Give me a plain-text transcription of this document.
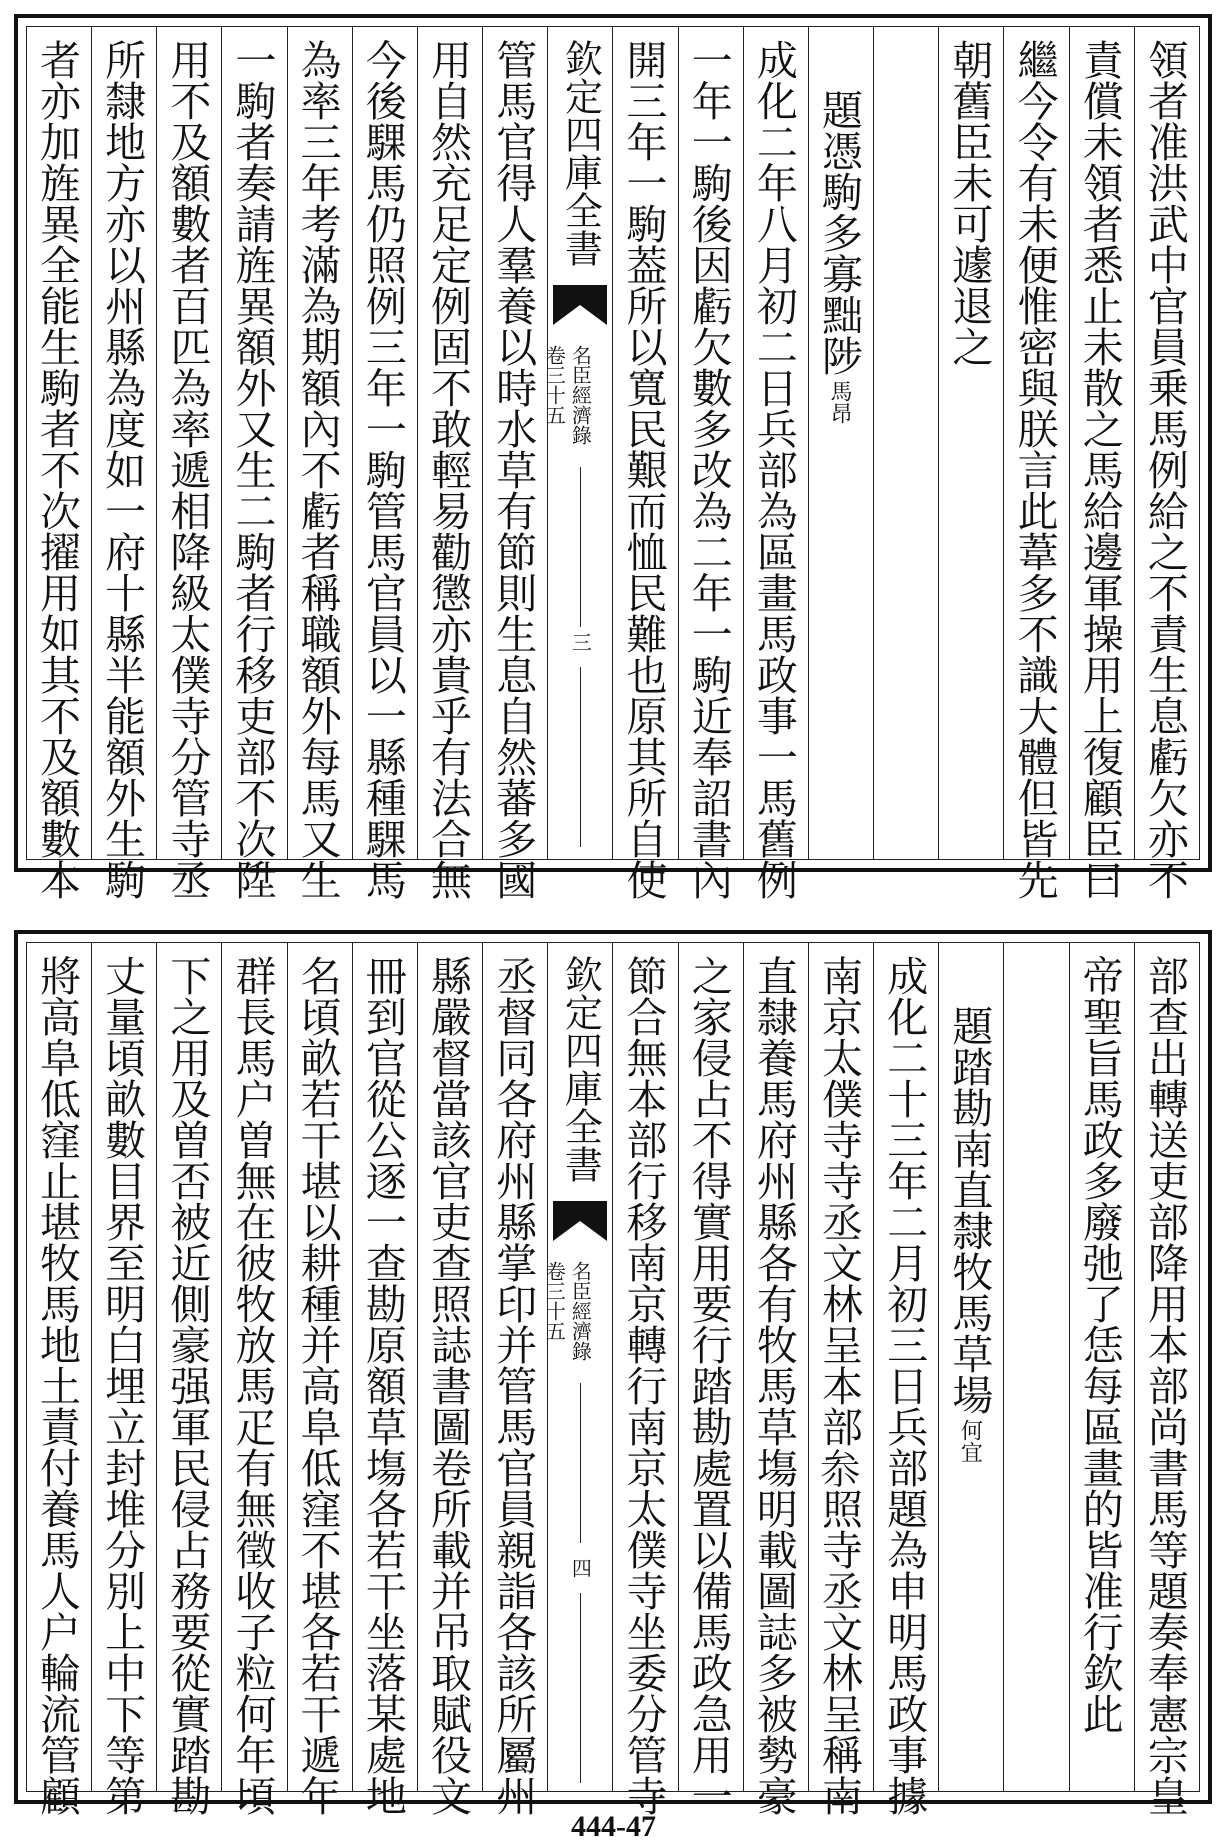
領者准洪武中官員乗馬例給之不責生息虧欠亦不
責償未領者悉止未散之馬給邊軍操用上復顧臣曰
繼今令有未便惟密與朕言此葦多不識大體但皆先
朝舊臣未可遽退之
題憑駒多寡黜陟馬昂
成化二年八月初二日兵部為區畫馬政事一馬舊例
一年一駒後因虧欠數多改為二年一駒近奉詔書內
開三年一駒葢所以寬民艱而恤民難也原其所自使
欽定四庫全書
名臣經濟錄
卷三十五
三
管馬官得人羣養以時水草有節則生息自然蕃多國
用自然充足定例固不敢輕易勸懲亦貴乎有法合無
今後騍馬仍照例三年一駒管馬官員以一縣種騍馬
為率三年考滿為期額內不虧者稱職額外每馬又生
一駒者奏請旌異額外又生二駒者行移吏部不次陞
用不及額數者百匹為率遞相降級太僕寺分管寺丞
所隸地方亦以州縣為度如一府十縣半能額外生駒
者亦加旌異全能生駒者不次擢用如其不及額數本
部查出轉送吏部降用本部尚書馬等題奏奉憲宗皇
帝聖旨馬政多廢弛了恁每區畫的皆准行欽此
題踏勘南直隸牧馬草場何宜
成化二十三年二月初三日兵部題為申明馬政事據
南京太僕寺寺丞文林呈本部𠫭照寺丞文林呈稱南
直隸養馬府州縣各有牧馬草塲明載圖誌多被勢豪
之家侵占不得實用要行踏勘處置以備馬政急用一
節合無本部行移南京轉行南京太僕寺坐委分管寺
欽定四庫全書
名臣經濟錄
卷三十五
四
丞督同各府州縣掌印并管馬官員親詣各該所屬州
縣嚴督當該官吏查照誌書圖卷所載并吊取賦役文
冊到官從公逐一查勘原額草塲各若干坐落某處地
名頃畝若干堪以耕種并高阜低窪不堪各若干遞年
群長馬户曽無在彼牧放馬疋有無徵收子粒何年頃
下之用及曽否被近側豪强軍民侵占務要從實踏勘
丈量頃畝數目界至明白埋立封堆分別上中下等第
將高阜低窪止堪牧馬地土責付養馬人户輪流管顧
444-47
